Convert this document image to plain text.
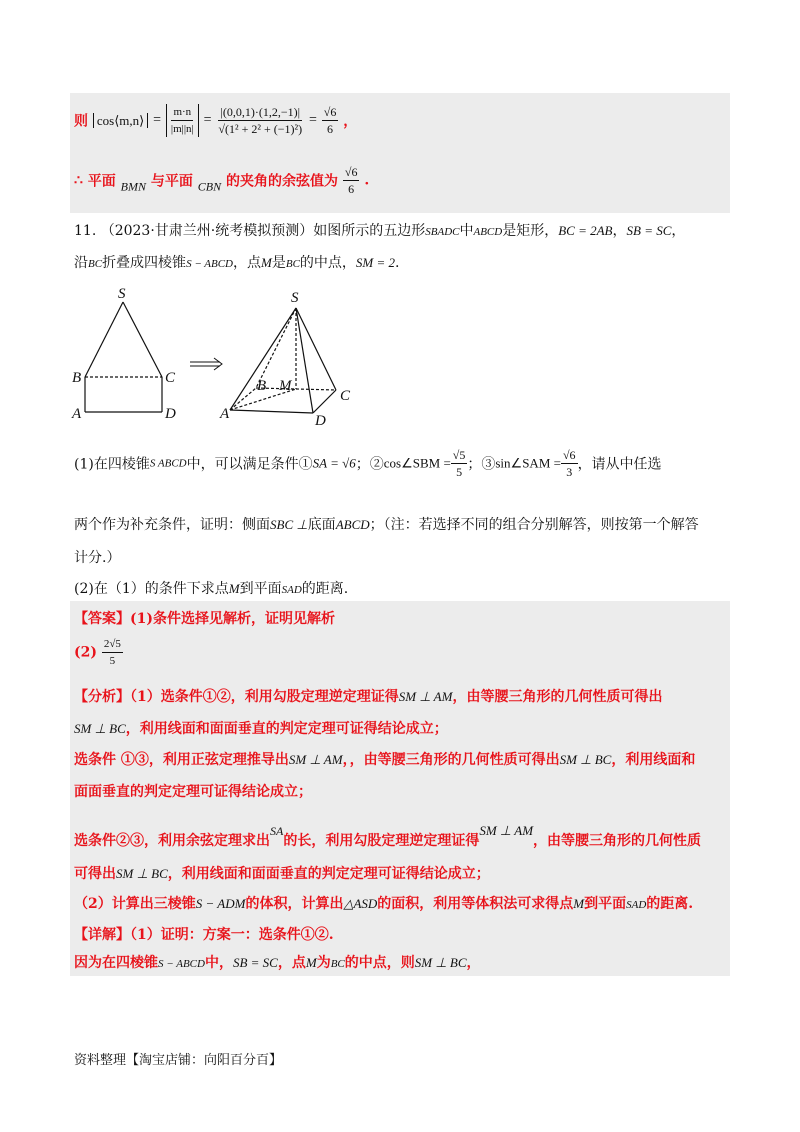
则 cos⟨m,n⟩ = $\frac{m\cdot n}{|m||n|} = \frac{|(0,0,1)\cdot(1,2,-1)|}{\text{√(1² + 2² + (−1)²)}} = \frac{√6}{6}$ ，
∴ 平面 BMN 与平面 CBN 的夹角的余弦值为 $\frac{√6}{6}$ .
11. （2023·甘肃兰州·统考模拟预测）如图所示的五边形SBADC中ABCD是矩形，BC = 2AB，SB = SC，
沿BC折叠成四棱锥S − ABCD，点M是BC的中点，SM = 2.
S
B	C
A	D
S
B M
C
A	D
(1)在四棱锥S ABCD中，可以满足条件①SA = √6；②cos∠SBM = $\frac{√5}{5}$ ；③sin∠SAM = $\frac{√6}{3}$ ，请从中任选
两个作为补充条件，证明：侧面SBC ⊥底面ABCD；（注：若选择不同的组合分别解答，则按第一个解答
计分.）
(2)在（1）的条件下求点M到平面SAD的距离.
【答案】(1)条件选择见解析，证明见解析
$(2) \frac{2√5}{5}$
【分析】（1）选条件①②，利用勾股定理逆定理证得SM ⊥ AM，由等腰三角形的几何性质可得出
SM ⊥ BC，利用线面和面面垂直的判定定理可证得结论成立；
选条件 ①③，利用正弦定理推导出SM ⊥ AM，，由等腰三角形的几何性质可得出SM ⊥ BC，利用线面和
面面垂直的判定定理可证得结论成立；
选条件②③，利用余弦定理求出SA的长，利用勾股定理逆定理证得SM ⊥ AM，由等腰三角形的几何性质
可得出SM ⊥ BC，利用线面和面面垂直的判定定理可证得结论成立；
（2）计算出三棱锥S − ADM的体积，计算出△ASD的面积，利用等体积法可求得点M到平面SAD的距离.
【详解】（1）证明：方案一：选条件①②.
因为在四棱锥S − ABCD中，SB = SC，点M为BC的中点，则SM ⊥ BC，
资料整理【淘宝店铺：向阳百分百】
